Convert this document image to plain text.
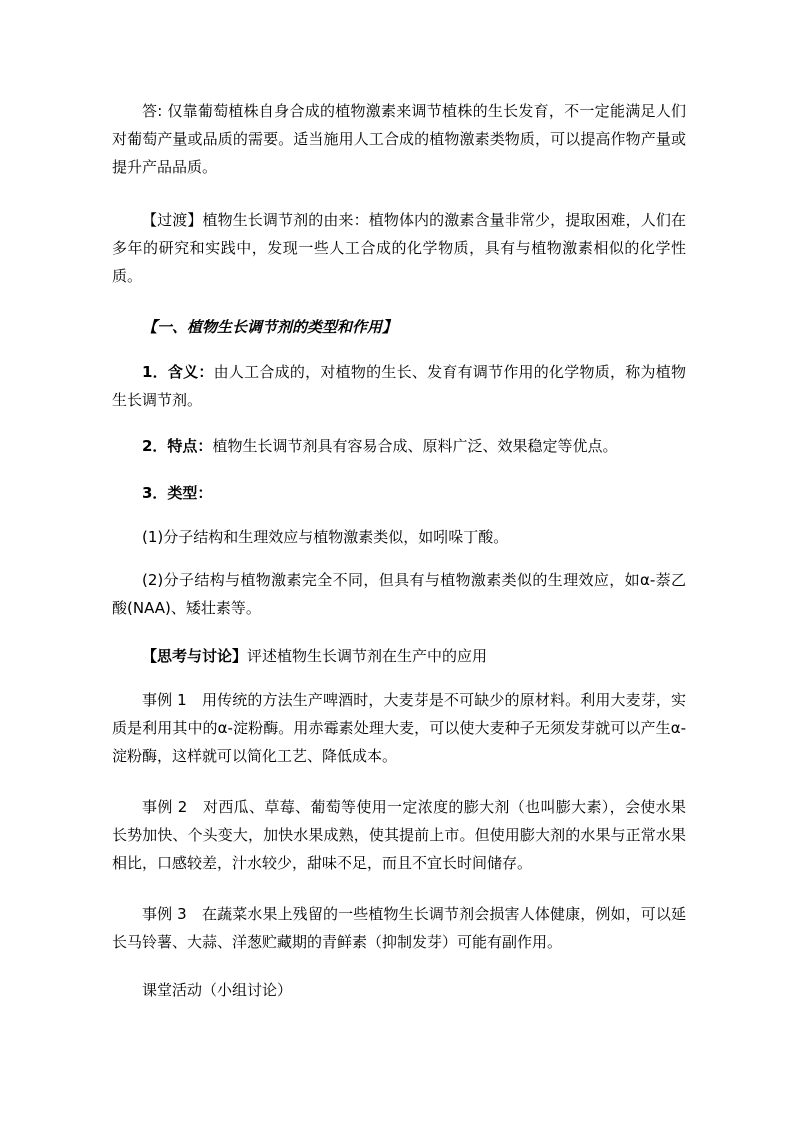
答: 仅靠葡萄植株自身合成的植物激素来调节植株的生长发育，不一定能满足人们对葡萄产量或品质的需要。适当施用人工合成的植物激素类物质，可以提高作物产量或提升产品品质。

【过渡】植物生长调节剂的由来：植物体内的激素含量非常少，提取困难，人们在多年的研究和实践中，发现一些人工合成的化学物质，具有与植物激素相似的化学性质。

【一、植物生长调节剂的类型和作用】

1．含义：由人工合成的，对植物的生长、发育有调节作用的化学物质，称为植物生长调节剂。

2．特点：植物生长调节剂具有容易合成、原料广泛、效果稳定等优点。

3．类型：

(1)分子结构和生理效应与植物激素类似，如吲哚丁酸。

(2)分子结构与植物激素完全不同，但具有与植物激素类似的生理效应，如α-萘乙酸(NAA)、矮壮素等。

【思考与讨论】评述植物生长调节剂在生产中的应用

事例 1　用传统的方法生产啤酒时，大麦芽是不可缺少的原材料。利用大麦芽，实质是利用其中的α-淀粉酶。用赤霉素处理大麦，可以使大麦种子无须发芽就可以产生α-淀粉酶，这样就可以简化工艺、降低成本。

事例 2　对西瓜、草莓、葡萄等使用一定浓度的膨大剂（也叫膨大素），会使水果长势加快、个头变大，加快水果成熟，使其提前上市。但使用膨大剂的水果与正常水果相比，口感较差，汁水较少，甜味不足，而且不宜长时间储存。

事例 3　在蔬菜水果上残留的一些植物生长调节剂会损害人体健康，例如，可以延长马铃薯、大蒜、洋葱贮藏期的青鲜素（抑制发芽）可能有副作用。

课堂活动（小组讨论）
